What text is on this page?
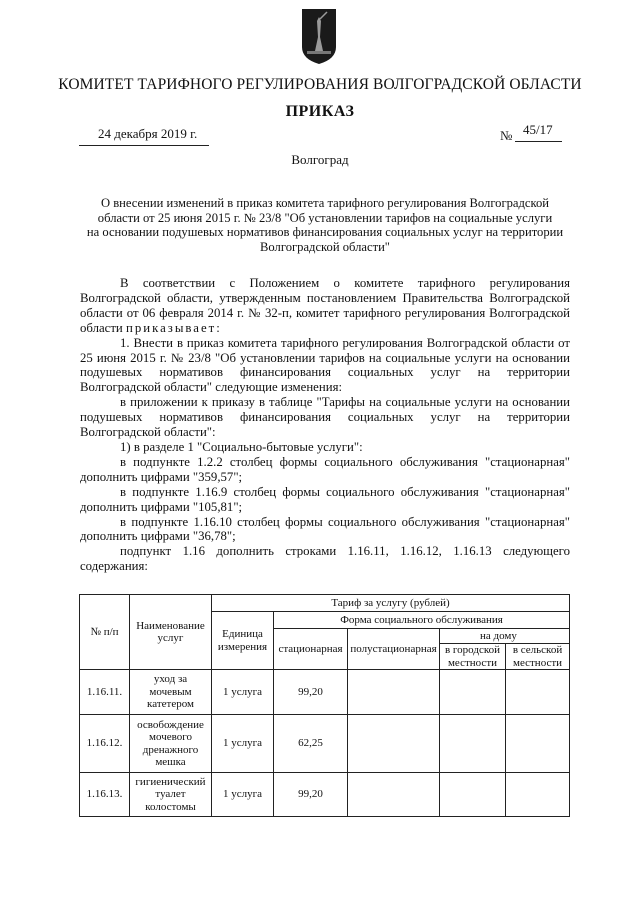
КОМИТЕТ ТАРИФНОГО РЕГУЛИРОВАНИЯ ВОЛГОГРАДСКОЙ ОБЛАСТИ
ПРИКАЗ
24 декабря 2019 г.	№ 45/17
Волгоград
О внесении изменений в приказ комитета тарифного регулирования Волгоградской
области от 25 июня 2015 г. № 23/8 "Об установлении тарифов на социальные услуги
на основании подушевых нормативов финансирования социальных услуг на территории
Волгоградской области"

В соответствии с Положением о комитете тарифного регулирования Волгоградской области, утвержденным постановлением Правительства Волгоградской области от 06 февраля 2014 г. № 32-п, комитет тарифного регулирования Волгоградской области приказывает:

1. Внести в приказ комитета тарифного регулирования Волгоградской области от 25 июня 2015 г. № 23/8 "Об установлении тарифов на социальные услуги на основании подушевых нормативов финансирования социальных услуг на территории Волгоградской области" следующие изменения:

в приложении к приказу в таблице "Тарифы на социальные услуги на основании подушевых нормативов финансирования социальных услуг на территории Волгоградской области":

1) в разделе 1 "Социально-бытовые услуги":

в подпункте 1.2.2 столбец формы социального обслуживания "стационарная" дополнить цифрами "359,57";

в подпункте 1.16.9 столбец формы социального обслуживания "стационарная" дополнить цифрами "105,81";

в подпункте 1.16.10 столбец формы социального обслуживания "стационарная" дополнить цифрами "36,78";

подпункт 1.16 дополнить строками 1.16.11, 1.16.12, 1.16.13 следующего содержания:

№ п/п	Наименование услуг	Тариф за услугу (рублей)				
		Единица измерения	Форма социального обслуживания			
			стационарная	полустационарная	на дому	
					в городской местности	в сельской местности
1.16.11.	уход за мочевым катетером	1 услуга	99,20			
1.16.12.	освобождение мочевого дренажного мешка	1 услуга	62,25			
1.16.13.	гигиенический туалет колостомы	1 услуга	99,20			
